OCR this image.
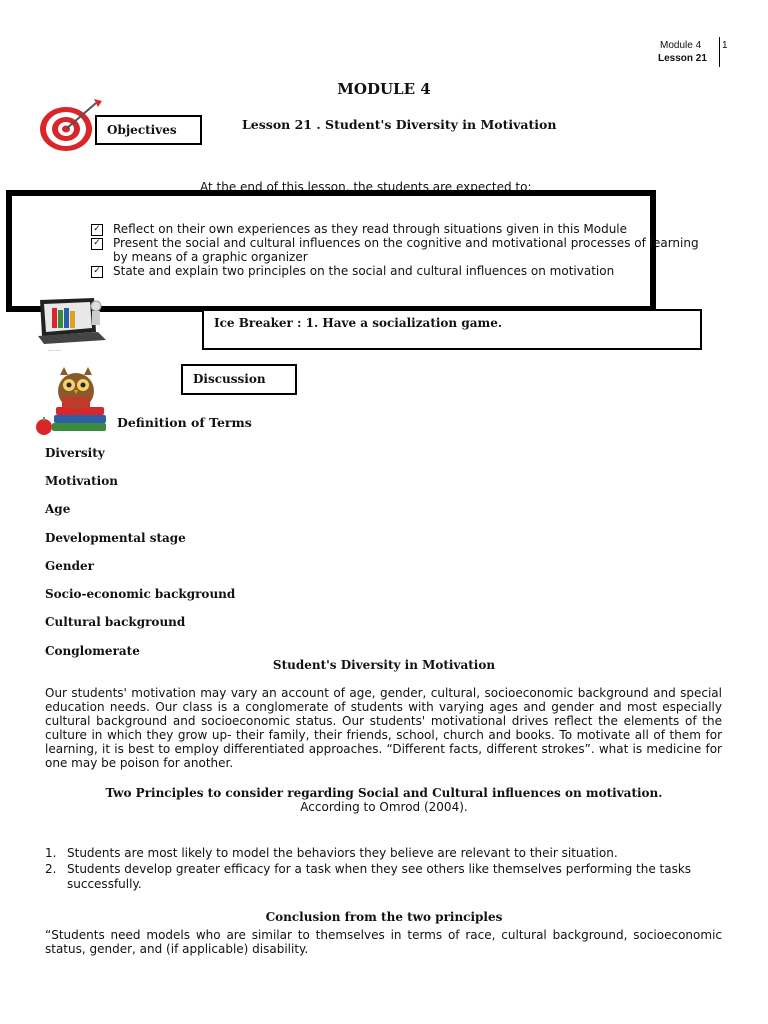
Module 4
Lesson 21
1
MODULE 4
Objectives	Lesson 21 . Student's Diversity in Motivation
At the end of this lesson, the students are expected to:
✓ Reflect on their own experiences as they read through situations given in this Module
✓ Present the social and cultural influences on the cognitive and motivational processes of learning by means of a graphic organizer
✓ State and explain two principles on the social and cultural influences on motivation
---- ----
Ice Breaker : 1. Have a socialization game.
Discussion
Definition of Terms
Diversity
Motivation
Age
Developmental stage
Gender
Socio-economic background
Cultural background
Conglomerate
Student's Diversity in Motivation
Our students' motivation may vary an account of age, gender, cultural, socioeconomic background and special education needs. Our class is a conglomerate of students with varying ages and gender and most especially cultural background and socioeconomic status. Our students' motivational drives reflect the elements of the culture in which they grow up- their family, their friends, school, church and books. To motivate all of them for learning, it is best to employ differentiated approaches. “Different facts, different strokes”. what is medicine for one may be poison for another.
Two Principles to consider regarding Social and Cultural influences on motivation.
According to Omrod (2004).
1. Students are most likely to model the behaviors they believe are relevant to their situation.
2. Students develop greater efficacy for a task when they see others like themselves performing the tasks successfully.
Conclusion from the two principles
“Students need models who are similar to themselves in terms of race, cultural background, socioeconomic status, gender, and (if applicable) disability.
